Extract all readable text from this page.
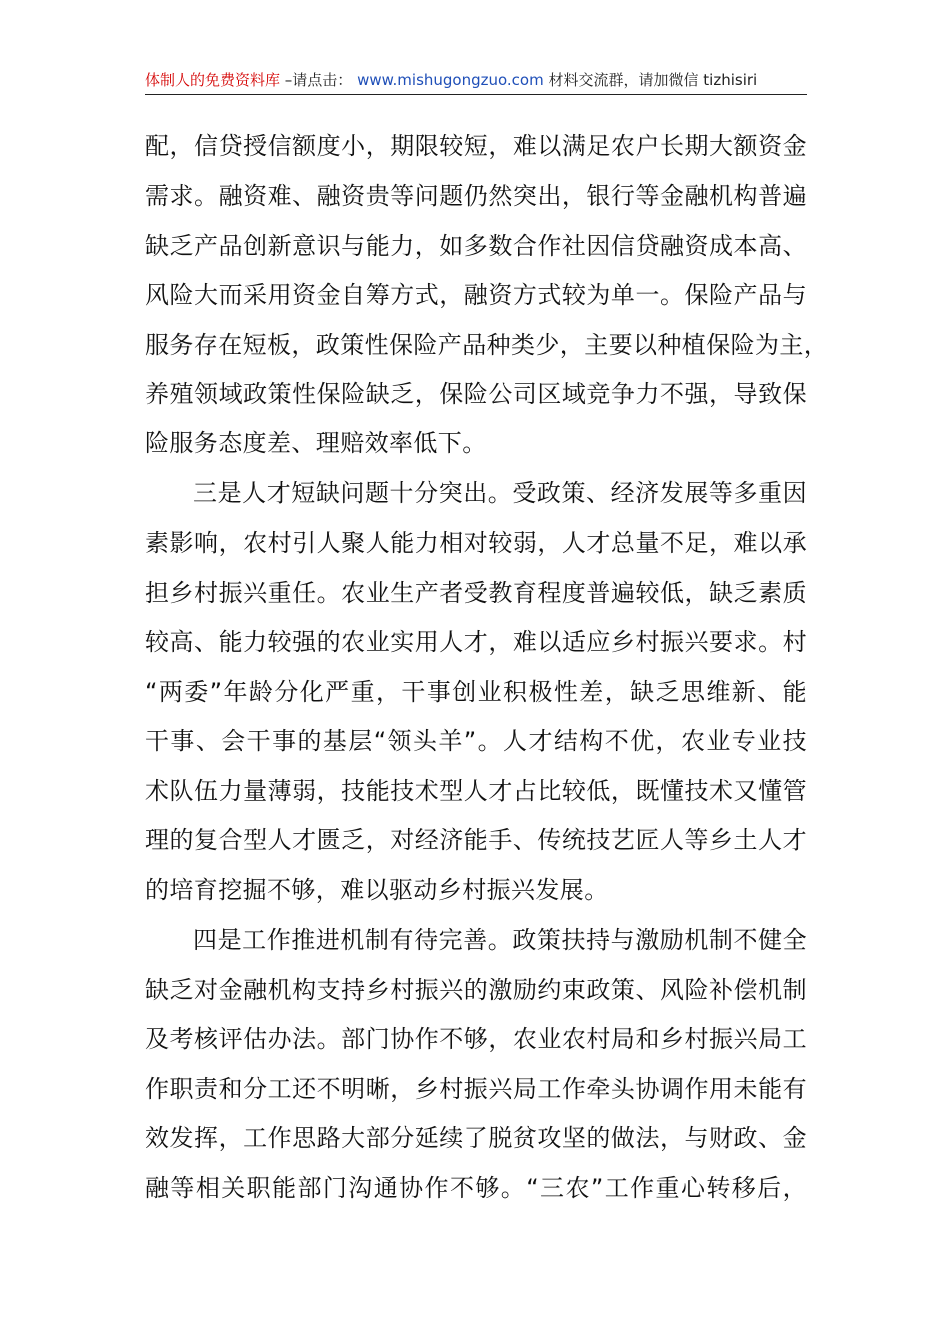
体制人的免费资料库 –请点击： www.mishugongzuo.com 材料交流群，请加微信 tizhisiri
配，信贷授信额度小，期限较短，难以满足农户长期大额资金
需求。融资难、融资贵等问题仍然突出，银行等金融机构普遍
缺乏产品创新意识与能力，如多数合作社因信贷融资成本高、
风险大而采用资金自筹方式，融资方式较为单一。保险产品与
服务存在短板，政策性保险产品种类少，主要以种植保险为主，
养殖领域政策性保险缺乏，保险公司区域竞争力不强，导致保
险服务态度差、理赔效率低下。
三是人才短缺问题十分突出。受政策、经济发展等多重因
素影响，农村引人聚人能力相对较弱，人才总量不足，难以承
担乡村振兴重任。农业生产者受教育程度普遍较低，缺乏素质
较高、能力较强的农业实用人才，难以适应乡村振兴要求。村
“两委”年龄分化严重，干事创业积极性差，缺乏思维新、能
干事、会干事的基层“领头羊”。人才结构不优，农业专业技
术队伍力量薄弱，技能技术型人才占比较低，既懂技术又懂管
理的复合型人才匮乏，对经济能手、传统技艺匠人等乡土人才
的培育挖掘不够，难以驱动乡村振兴发展。
四是工作推进机制有待完善。政策扶持与激励机制不健全
缺乏对金融机构支持乡村振兴的激励约束政策、风险补偿机制
及考核评估办法。部门协作不够，农业农村局和乡村振兴局工
作职责和分工还不明晰，乡村振兴局工作牵头协调作用未能有
效发挥，工作思路大部分延续了脱贫攻坚的做法，与财政、金
融等相关职能部门沟通协作不够。“三农”工作重心转移后，
